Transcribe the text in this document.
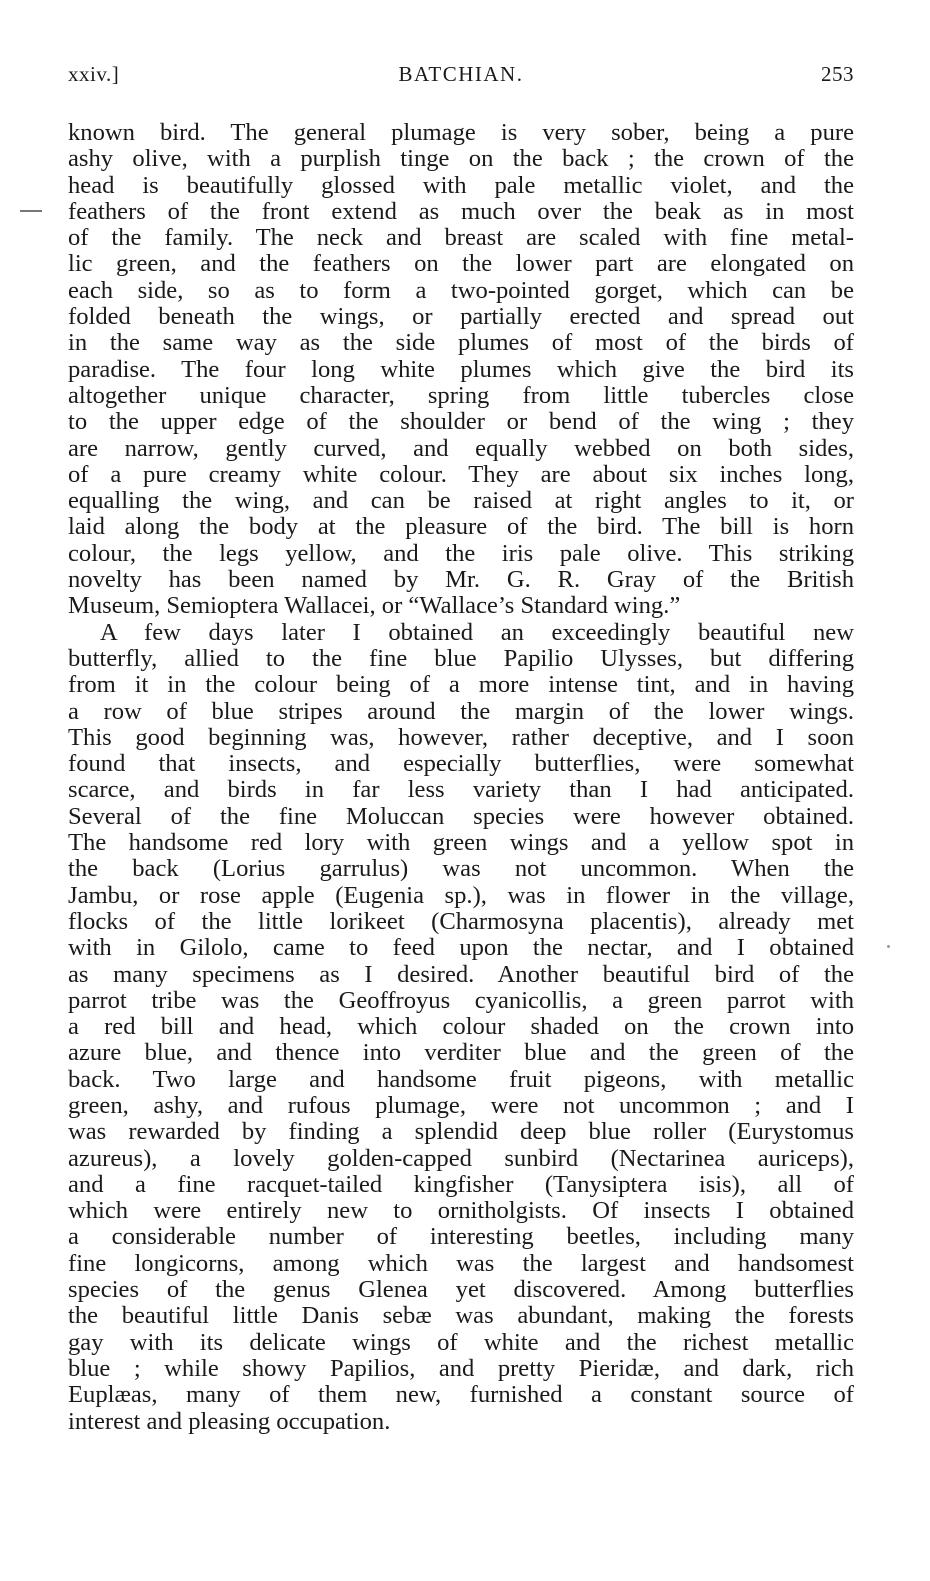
xxiv.]	BATCHIAN.	253

known bird. The general plumage is very sober, being a pure

ashy olive, with a purplish tinge on the back ; the crown of the

head is beautifully glossed with pale metallic violet, and the

feathers of the front extend as much over the beak as in most

of the family. The neck and breast are scaled with fine metal-

lic green, and the feathers on the lower part are elongated on

each side, so as to form a two-pointed gorget, which can be

folded beneath the wings, or partially erected and spread out

in the same way as the side plumes of most of the birds of

paradise. The four long white plumes which give the bird its

altogether unique character, spring from little tubercles close

to the upper edge of the shoulder or bend of the wing ; they

are narrow, gently curved, and equally webbed on both sides,

of a pure creamy white colour. They are about six inches long,

equalling the wing, and can be raised at right angles to it, or

laid along the body at the pleasure of the bird. The bill is horn

colour, the legs yellow, and the iris pale olive. This striking

novelty has been named by Mr. G. R. Gray of the British

Museum, Semioptera Wallacei, or “Wallace’s Standard wing.”

A few days later I obtained an exceedingly beautiful new

butterfly, allied to the fine blue Papilio Ulysses, but differing

from it in the colour being of a more intense tint, and in having

a row of blue stripes around the margin of the lower wings.

This good beginning was, however, rather deceptive, and I soon

found that insects, and especially butterflies, were somewhat

scarce, and birds in far less variety than I had anticipated.

Several of the fine Moluccan species were however obtained.

The handsome red lory with green wings and a yellow spot in

the back (Lorius garrulus) was not uncommon. When the

Jambu, or rose apple (Eugenia sp.), was in flower in the village,

flocks of the little lorikeet (Charmosyna placentis), already met

with in Gilolo, came to feed upon the nectar, and I obtained

as many specimens as I desired. Another beautiful bird of the

parrot tribe was the Geoffroyus cyanicollis, a green parrot with

a red bill and head, which colour shaded on the crown into

azure blue, and thence into verditer blue and the green of the

back. Two large and handsome fruit pigeons, with metallic

green, ashy, and rufous plumage, were not uncommon ; and I

was rewarded by finding a splendid deep blue roller (Eurystomus

azureus), a lovely golden-capped sunbird (Nectarinea auriceps),

and a fine racquet-tailed kingfisher (Tanysiptera isis), all of

which were entirely new to ornitholgists. Of insects I obtained

a considerable number of interesting beetles, including many

fine longicorns, among which was the largest and handsomest

species of the genus Glenea yet discovered. Among butterflies

the beautiful little Danis sebæ was abundant, making the forests

gay with its delicate wings of white and the richest metallic

blue ; while showy Papilios, and pretty Pieridæ, and dark, rich

Euplæas, many of them new, furnished a constant source of

interest and pleasing occupation.
